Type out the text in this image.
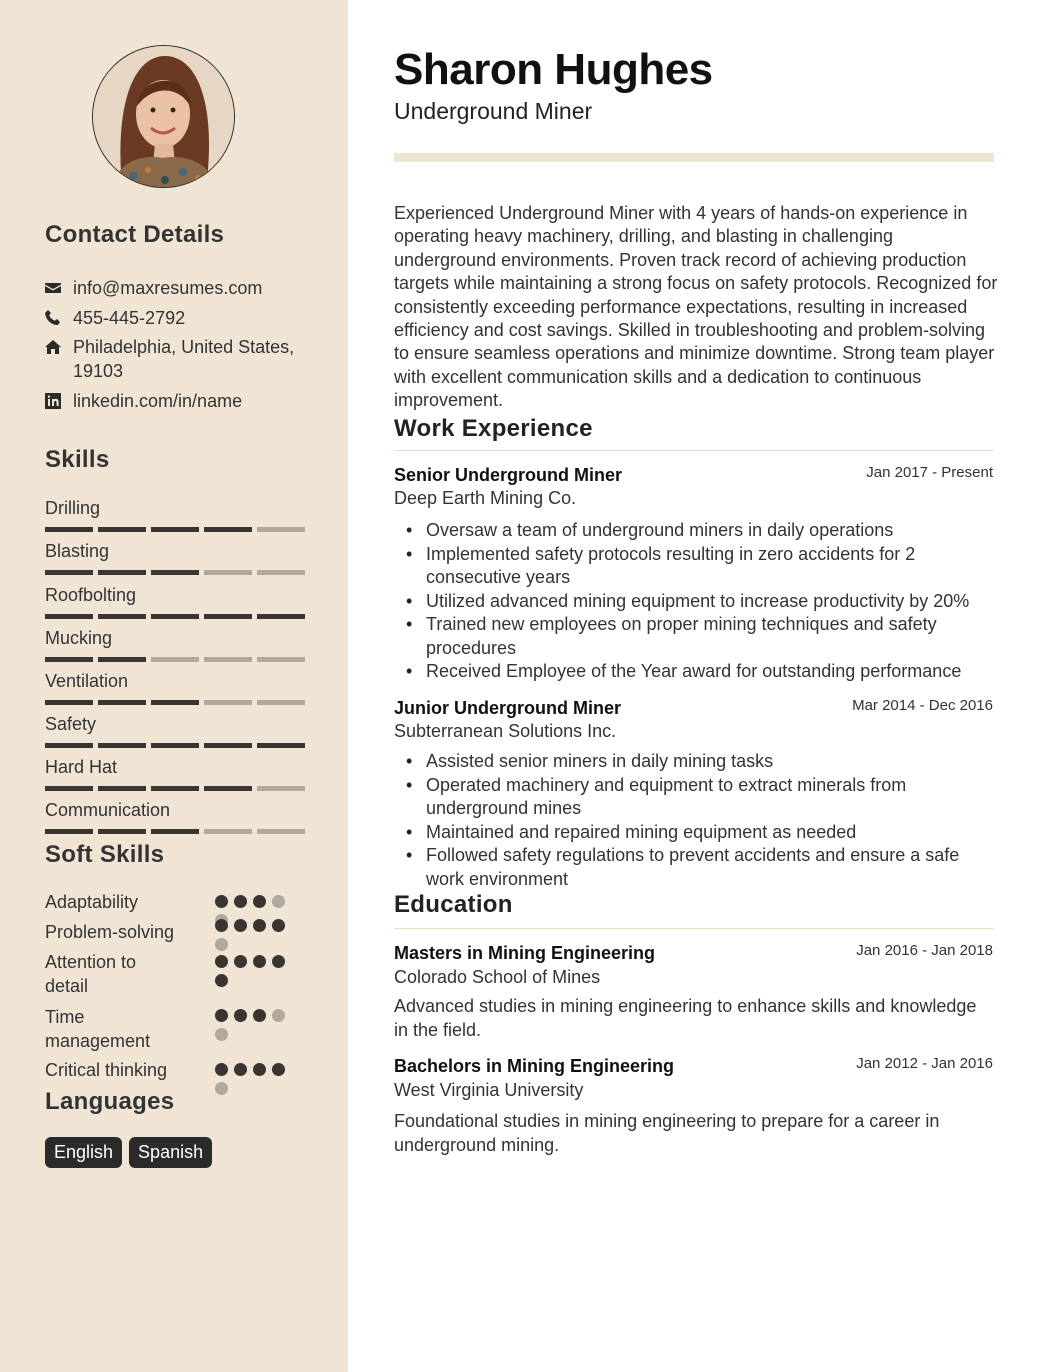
Contact Details
info@maxresumes.com
455-445-2792
Philadelphia, United States, 19103
linkedin.com/in/name
Skills
Drilling
Blasting
Roofbolting
Mucking
Ventilation
Safety
Hard Hat
Communication
Soft Skills
Adaptability
Problem-solving
Attention to detail
Time management
Critical thinking
Languages
English	Spanish
Sharon Hughes
Underground Miner

Experienced Underground Miner with 4 years of hands-on experience in operating heavy machinery, drilling, and blasting in challenging underground environments. Proven track record of achieving production targets while maintaining a strong focus on safety protocols. Recognized for consistently exceeding performance expectations, resulting in increased efficiency and cost savings. Skilled in troubleshooting and problem-solving to ensure seamless operations and minimize downtime. Strong team player with excellent communication skills and a dedication to continuous improvement.

Work Experience
Senior Underground Miner	Jan 2017 - Present
Deep Earth Mining Co.
• Oversaw a team of underground miners in daily operations
• Implemented safety protocols resulting in zero accidents for 2 consecutive years
• Utilized advanced mining equipment to increase productivity by 20%
• Trained new employees on proper mining techniques and safety procedures
• Received Employee of the Year award for outstanding performance
Junior Underground Miner	Mar 2014 - Dec 2016
Subterranean Solutions Inc.
• Assisted senior miners in daily mining tasks
• Operated machinery and equipment to extract minerals from underground mines
• Maintained and repaired mining equipment as needed
• Followed safety regulations to prevent accidents and ensure a safe work environment
Education
Masters in Mining Engineering	Jan 2016 - Jan 2018
Colorado School of Mines

Advanced studies in mining engineering to enhance skills and knowledge in the field.

Bachelors in Mining Engineering	Jan 2012 - Jan 2016
West Virginia University

Foundational studies in mining engineering to prepare for a career in underground mining.
